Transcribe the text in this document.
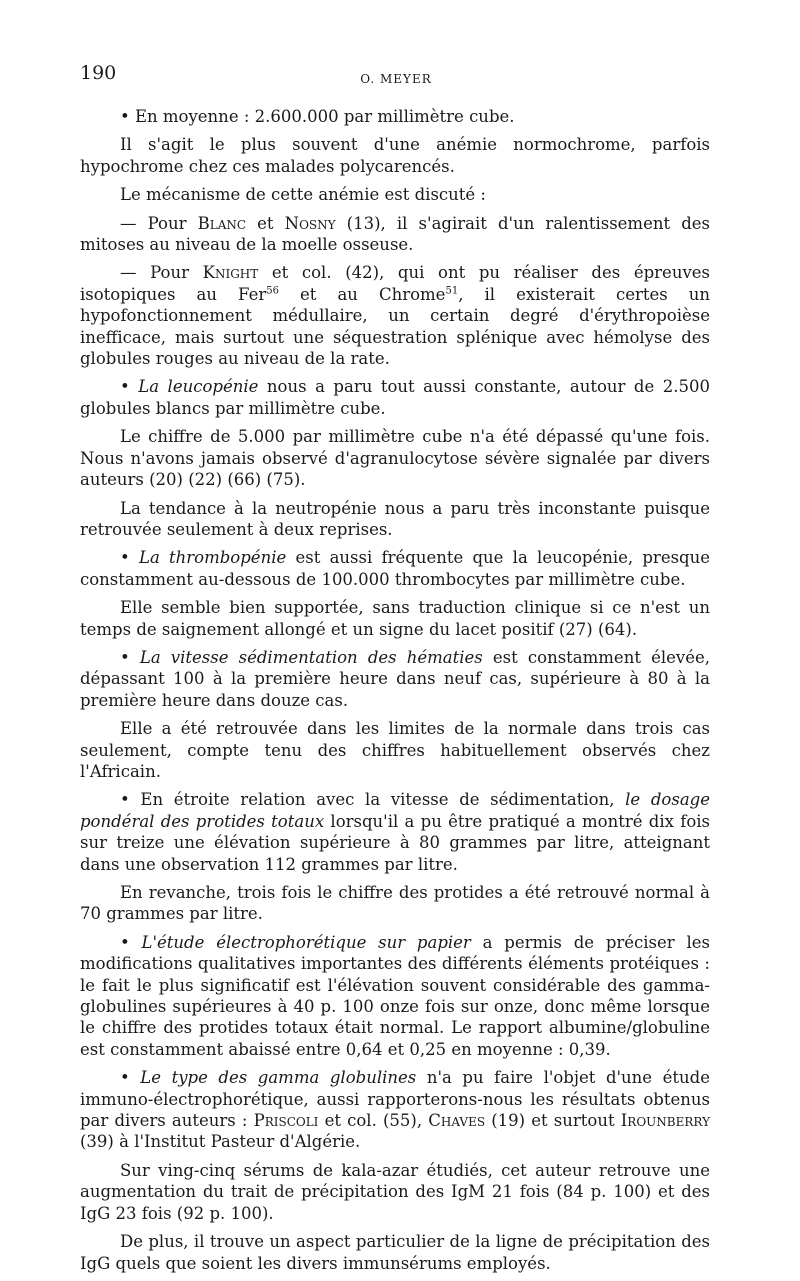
190	O. MEYER

• En moyenne : 2.600.000 par millimètre cube.

Il s'agit le plus souvent d'une anémie normochrome, parfois hypochrome chez ces malades polycarencés.

Le mécanisme de cette anémie est discuté :

— Pour Blanc et Nosny (13), il s'agirait d'un ralentissement des mitoses au niveau de la moelle osseuse.

— Pour Knight et col. (42), qui ont pu réaliser des épreuves isotopiques au Fer$^{56}$ et au Chrome$^{51}$, il existerait certes un hypofonctionnement médullaire, un certain degré d'érythropoièse inefficace, mais surtout une séquestration splénique avec hémolyse des globules rouges au niveau de la rate.

• La leucopénie nous a paru tout aussi constante, autour de 2.500 globules blancs par millimètre cube.

Le chiffre de 5.000 par millimètre cube n'a été dépassé qu'une fois. Nous n'avons jamais observé d'agranulocytose sévère signalée par divers auteurs (20) (22) (66) (75).

La tendance à la neutropénie nous a paru très inconstante puisque retrouvée seulement à deux reprises.

• La thrombopénie est aussi fréquente que la leucopénie, presque constamment au-dessous de 100.000 thrombocytes par millimètre cube.

Elle semble bien supportée, sans traduction clinique si ce n'est un temps de saignement allongé et un signe du lacet positif (27) (64).

• La vitesse sédimentation des hématies est constamment élevée, dépassant 100 à la première heure dans neuf cas, supérieure à 80 à la première heure dans douze cas.

Elle a été retrouvée dans les limites de la normale dans trois cas seulement, compte tenu des chiffres habituellement observés chez l'Africain.

• En étroite relation avec la vitesse de sédimentation, le dosage pondéral des protides totaux lorsqu'il a pu être pratiqué a montré dix fois sur treize une élévation supérieure à 80 grammes par litre, atteignant dans une observation 112 grammes par litre.

En revanche, trois fois le chiffre des protides a été retrouvé normal à 70 grammes par litre.

• L'étude électrophorétique sur papier a permis de préciser les modifications qualitatives importantes des différents éléments protéiques : le fait le plus significatif est l'élévation souvent considérable des gamma-globulines supérieures à 40 p. 100 onze fois sur onze, donc même lorsque le chiffre des protides totaux était normal. Le rapport albumine/globuline est constamment abaissé entre 0,64 et 0,25 en moyenne : 0,39.

• Le type des gamma globulines n'a pu faire l'objet d'une étude immuno-électrophorétique, aussi rapporterons-nous les résultats obtenus par divers auteurs : Priscoli et col. (55), Chaves (19) et surtout Irounberry (39) à l'Institut Pasteur d'Algérie.

Sur ving-cinq sérums de kala-azar étudiés, cet auteur retrouve une augmentation du trait de précipitation des IgM 21 fois (84 p. 100) et des IgG 23 fois (92 p. 100).

De plus, il trouve un aspect particulier de la ligne de précipitation des IgG quels que soient les divers immunsérums employés.
